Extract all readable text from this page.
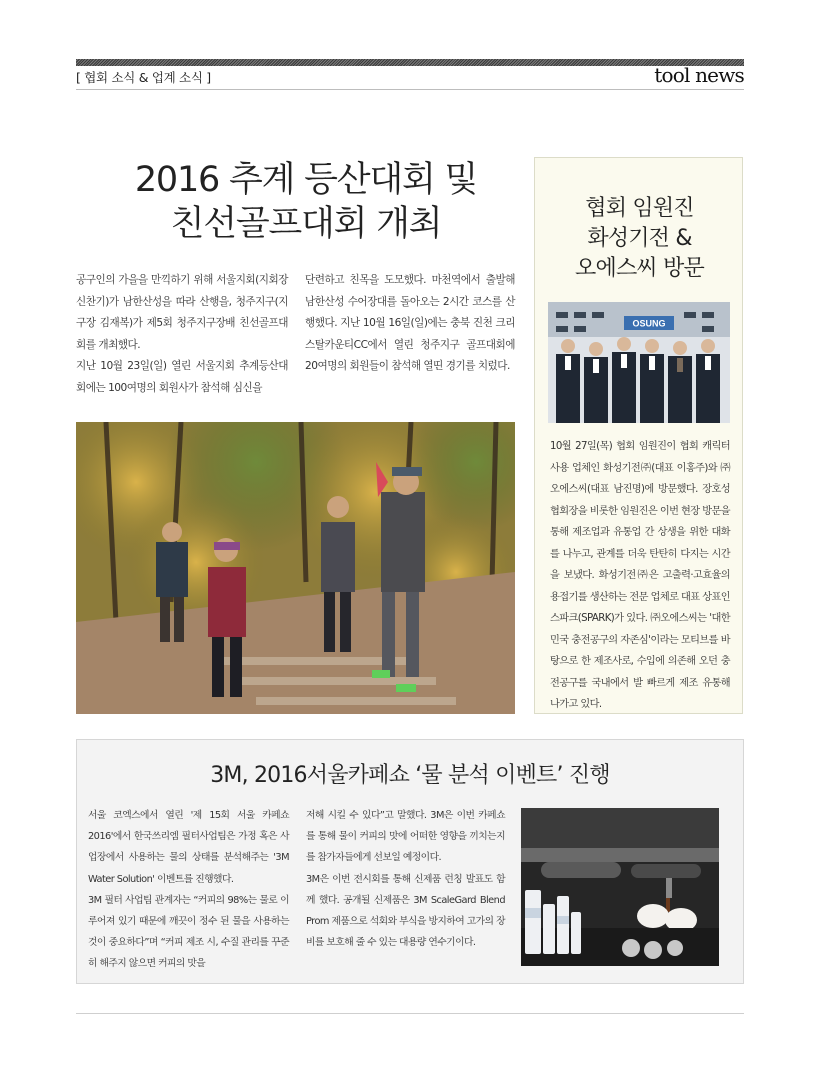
[ 협회 소식 & 업계 소식 ]	tool news
2016 추계 등산대회 및
친선골프대회 개최

공구인의 가을을 만끽하기 위해 서울지회(지회장 신찬기)가 남한산성을 따라 산행을, 청주지구(지구장 김재복)가 제5회 청주지구장배 친선골프대회를 개최했다.

지난 10월 23일(일) 열린 서울지회 추계등산대회에는 100여명의 회원사가 참석해 심신을

단련하고 친목을 도모했다. 마천역에서 출발해 남한산성 수어장대를 돌아오는 2시간 코스를 산행했다. 지난 10월 16일(일)에는 충북 진천 크리스탈카운티CC에서 열린 청주지구 골프대회에 20여명의 회원들이 참석해 열띤 경기를 치렀다.

협회 임원진
화성기전 &
오에스씨 방문
OSUNG
10월 27일(목) 협회 임원진이 협회 캐릭터 사용 업체인 화성기전㈜(대표 이홍주)와 ㈜오에스씨(대표 남진명)에 방문했다. 장호성 협회장을 비롯한 임원진은 이번 현장 방문을 통해 제조업과 유통업 간 상생을 위한 대화를 나누고, 관계를 더욱 탄탄히 다지는 시간을 보냈다. 화성기전㈜은 고출력·고효율의 용접기를 생산하는 전문 업체로 대표 상표인 스파크(SPARK)가 있다. ㈜오에스씨는 '대한민국 충전공구의 자존심'이라는 모티브를 바탕으로 한 제조사로, 수입에 의존해 오던 충전공구를 국내에서 발 빠르게 제조 유통해 나가고 있다.
3M, 2016서울카페쇼 ‘물 분석 이벤트’ 진행

서울 코엑스에서 열린 '제 15회 서울 카페쇼 2016'에서 한국쓰리엠 필터사업팀은 가정 혹은 사업장에서 사용하는 물의 상태를 분석해주는 '3M Water Solution' 이벤트를 진행했다.

3M 필터 사업팀 관계자는 “커피의 98%는 물로 이루어져 있기 때문에 깨끗이 정수 된 물을 사용하는 것이 중요하다”며 “커피 제조 시, 수질 관리를 꾸준히 해주지 않으면 커피의 맛을

저해 시킬 수 있다”고 말했다. 3M은 이번 카페쇼를 통해 물이 커피의 맛에 어떠한 영향을 끼치는지를 참가자들에게 선보일 예정이다.

3M은 이번 전시회를 통해 신제품 런칭 발표도 함께 했다. 공개될 신제품은 3M ScaleGard Blend Prom 제품으로 석회와 부식을 방지하여 고가의 장비를 보호해 줄 수 있는 대용량 연수기이다.
